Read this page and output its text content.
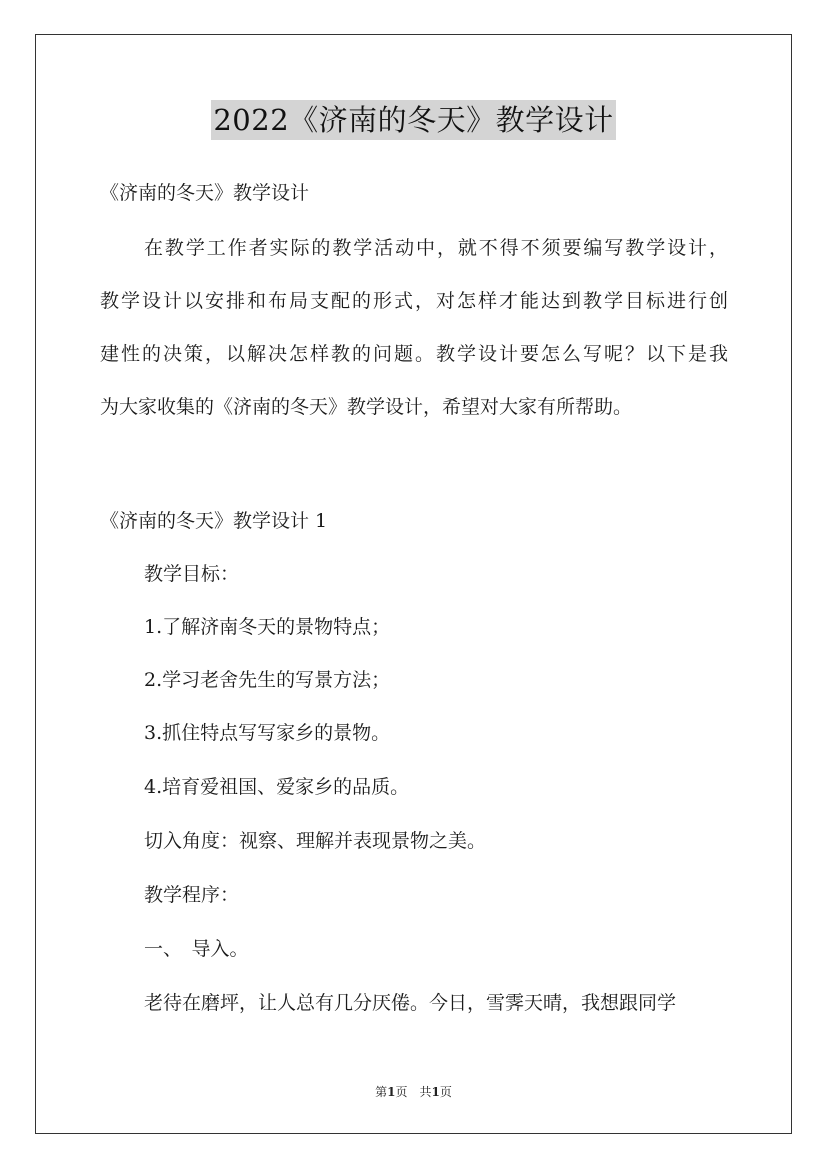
2022《济南的冬天》教学设计
《济南的冬天》教学设计
在教学工作者实际的教学活动中，就不得不须要编写教学设计，
教学设计以安排和布局支配的形式，对怎样才能达到教学目标进行创
建性的决策，以解决怎样教的问题。教学设计要怎么写呢？以下是我
为大家收集的《济南的冬天》教学设计，希望对大家有所帮助。
《济南的冬天》教学设计 1
教学目标：
1.了解济南冬天的景物特点；
2.学习老舍先生的写景方法；
3.抓住特点写写家乡的景物。
4.培育爱祖国、爱家乡的品质。
切入角度：视察、理解并表现景物之美。
教学程序：
一、　导入。
老待在磨坪，让人总有几分厌倦。今日，雪霁天晴，我想跟同学
第1页　共1页
